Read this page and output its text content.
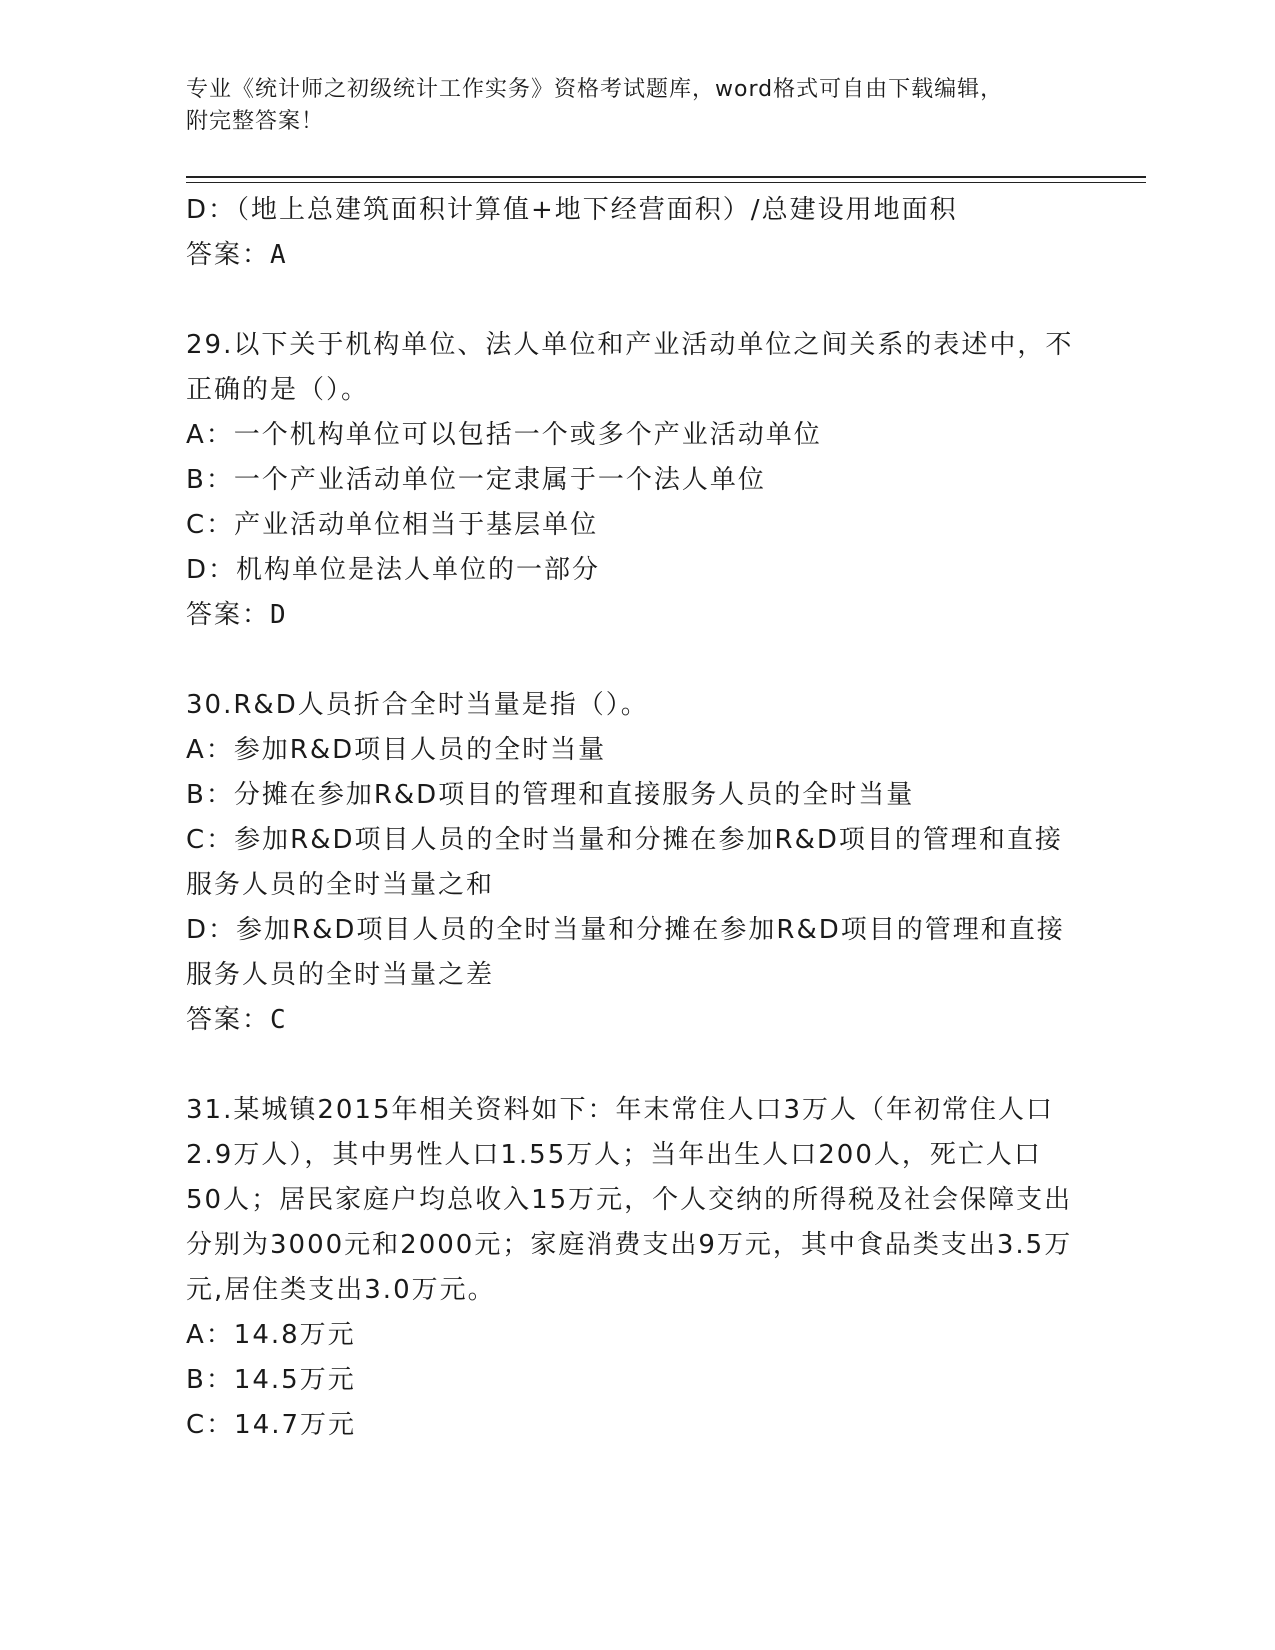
专业《统计师之初级统计工作实务》资格考试题库，word格式可自由下载编辑，
附完整答案！

D：（地上总建筑面积计算值+地下经营面积）/总建设用地面积

答案：A

29.以下关于机构单位、法人单位和产业活动单位之间关系的表述中，不正确的是（）。

A：一个机构单位可以包括一个或多个产业活动单位

B：一个产业活动单位一定隶属于一个法人单位

C：产业活动单位相当于基层单位

D：机构单位是法人单位的一部分

答案：D

30.R&D人员折合全时当量是指（）。

A：参加R&D项目人员的全时当量

B：分摊在参加R&D项目的管理和直接服务人员的全时当量

C：参加R&D项目人员的全时当量和分摊在参加R&D项目的管理和直接服务人员的全时当量之和

D：参加R&D项目人员的全时当量和分摊在参加R&D项目的管理和直接服务人员的全时当量之差

答案：C

31.某城镇2015年相关资料如下：年末常住人口3万人（年初常住人口2.9万人），其中男性人口1.55万人；当年出生人口200人，死亡人口50人；居民家庭户均总收入15万元，个人交纳的所得税及社会保障支出分别为3000元和2000元；家庭消费支出9万元，其中食品类支出3.5万元,居住类支出3.0万元。

A：14.8万元

B：14.5万元

C：14.7万元
